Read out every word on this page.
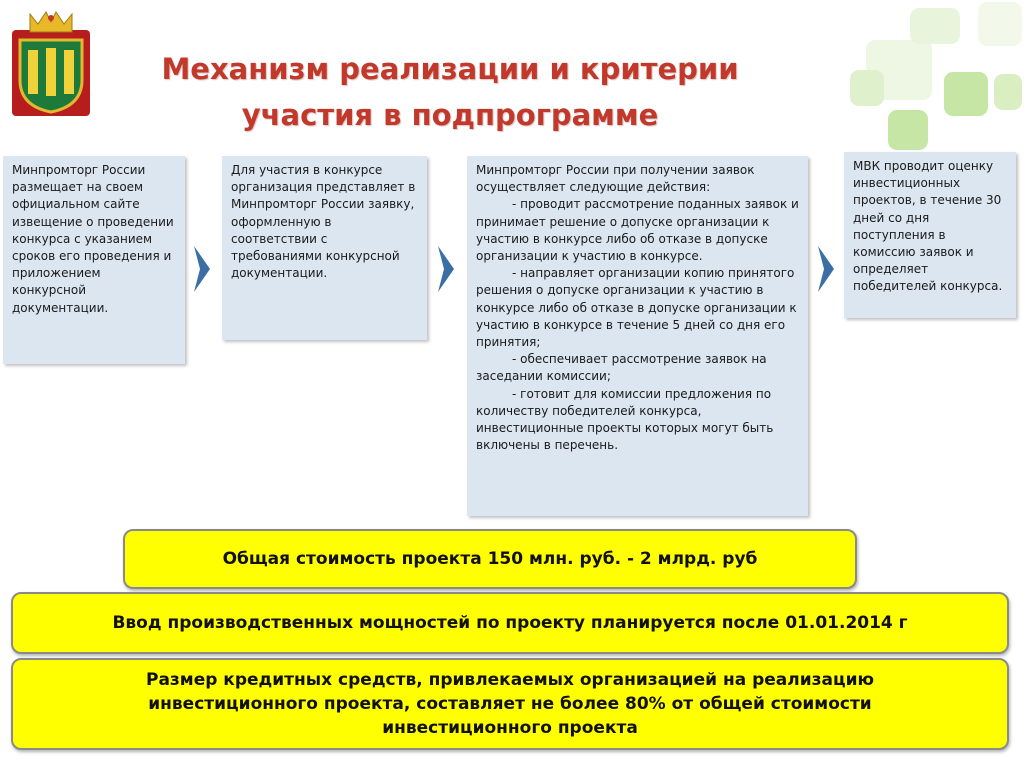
Механизм реализации и критерии
участия в подпрограмме

Минпромторг России размещает на своем официальном сайте извещение о проведении конкурса с указанием сроков его проведения и приложением конкурсной документации.

Для участия в конкурсе организация представляет в Минпромторг России заявку, оформленную в соответствии с требованиями конкурсной документации.

Минпромторг России при получении заявок осуществляет следующие действия:

- проводит рассмотрение поданных заявок и принимает решение о допуске организации к участию в конкурсе либо об отказе в допуске организации к участию в конкурсе.

- направляет организации копию принятого решения о допуске организации к участию в конкурсе либо об отказе в допуске организации к участию в конкурсе в течение 5 дней со дня его принятия;

- обеспечивает рассмотрение заявок на заседании комиссии;

- готовит для комиссии предложения по количеству победителей конкурса, инвестиционные проекты которых могут быть включены в перечень.

МВК проводит оценку инвестиционных проектов, в течение 30 дней со дня поступления в комиссию заявок и определяет победителей конкурса.

Общая стоимость проекта 150 млн. руб. - 2 млрд. руб
Ввод производственных мощностей по проекту планируется после 01.01.2014 г
Размер кредитных средств, привлекаемых организацией на реализацию инвестиционного проекта, составляет не более 80% от общей стоимости инвестиционного проекта
